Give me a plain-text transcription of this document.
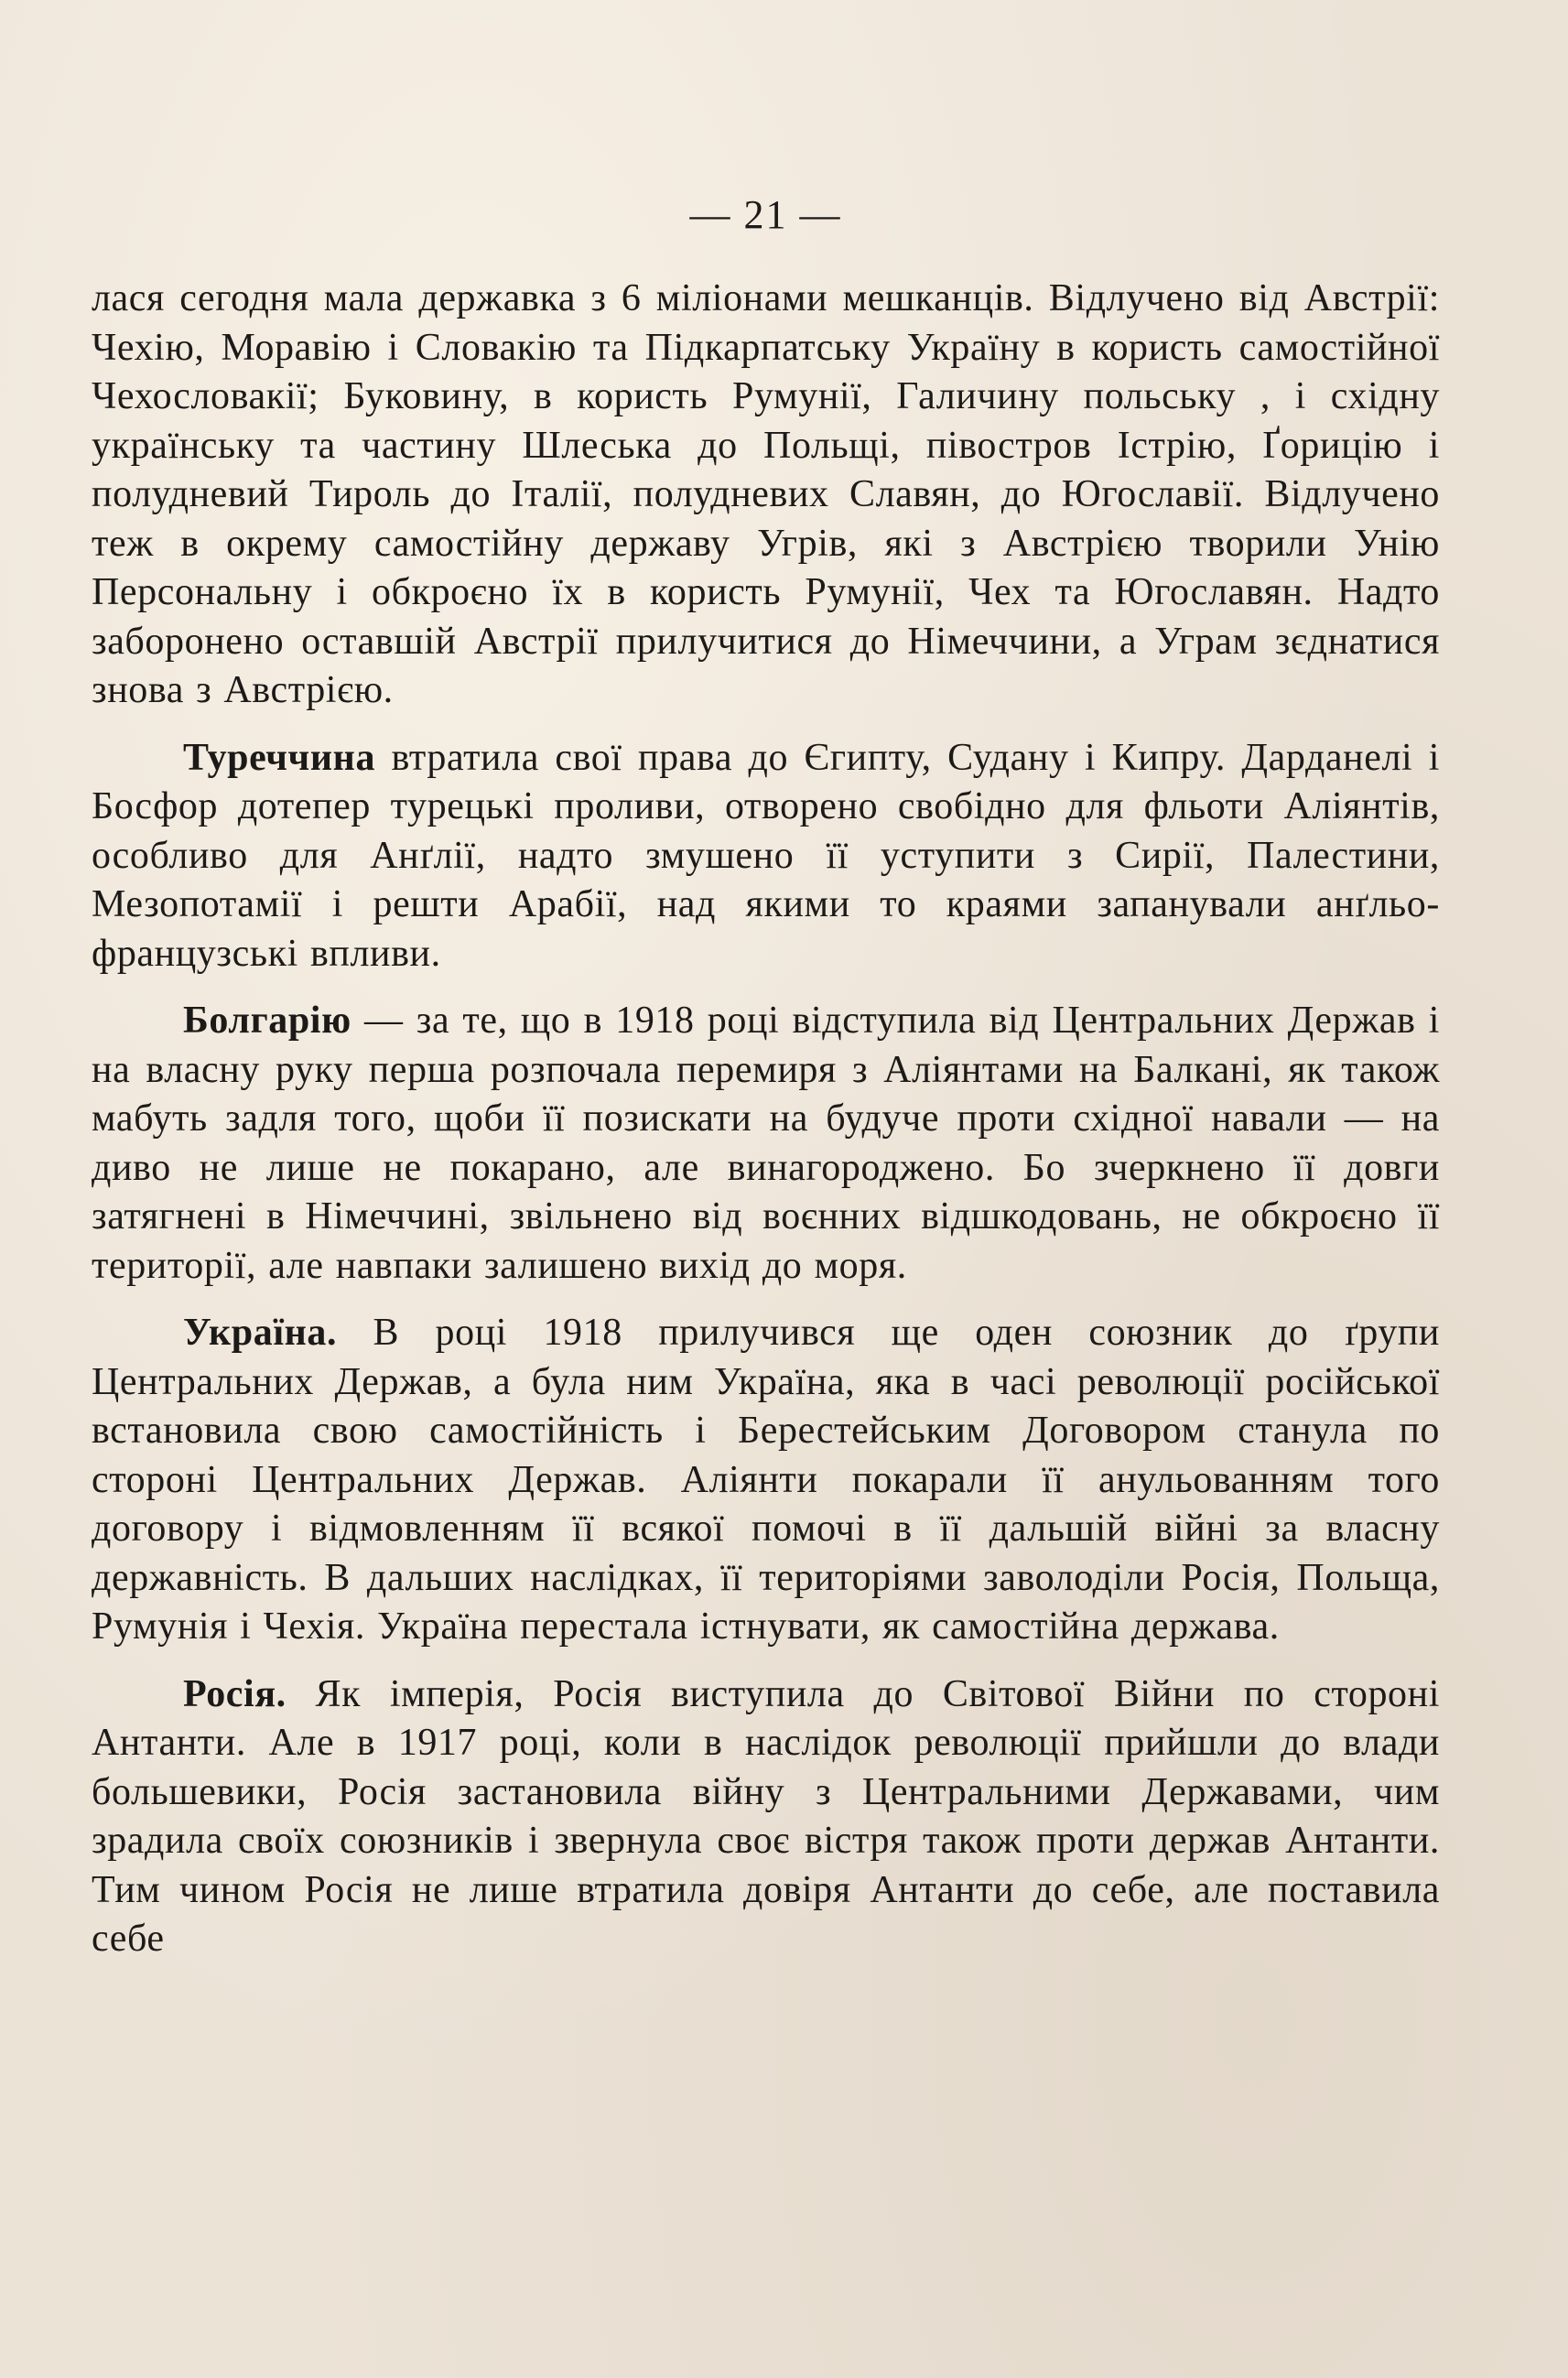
— 21 —

лася сегодня мала державка з 6 міліонами мешканців. Відлучено від Австрії: Чехію, Моравію і Словакію та Підкарпатську Україну в користь самостійної Чехословакії; Буковину, в користь Румунії, Галичину польську , і східну українську та частину Шлеська до Польщі, півостров Істрію, Ґорицію і полудневий Тироль до Італії, полудневих Славян, до Югославії. Відлучено теж в окрему самостійну державу Угрів, які з Австрією творили Унію Персональну і обкроєно їх в користь Румунії, Чех та Югославян. Надто заборонено оставшій Австрії прилучитися до Німеччини, а Уграм зєднатися знова з Австрією.

Туреччина втратила свої права до Єгипту, Судану і Кипру. Дарданелі і Босфор дотепер турецькі проливи, отворено свобідно для фльоти Аліянтів, особливо для Анґлії, надто змушено її уступити з Сирії, Палестини, Мезопотамії і решти Арабії, над якими то краями запанували анґльо-французські впливи.

Болгарію — за те, що в 1918 році відступила від Центральних Держав і на власну руку перша розпочала перемиря з Аліянтами на Балкані, як також мабуть задля того, щоби її позискати на будуче проти східної навали — на диво не лише не покарано, але винагороджено. Бо зчеркнено її довги затягнені в Німеччині, звільнено від воєнних відшкодовань, не обкроєно її території, але навпаки залишено вихід до моря.

Україна. В році 1918 прилучився ще оден союзник до ґрупи Центральних Держав, а була ним Україна, яка в часі революції російської встановила свою самостійність і Берестейським Договором станула по стороні Центральних Держав. Аліянти покарали її анульованням того договору і відмовленням її всякої помочі в її дальшій війні за власну державність. В дальших наслідках, її територіями заволоділи Росія, Польща, Румунія і Чехія. Україна перестала істнувати, як самостійна держава.

Росія. Як імперія, Росія виступила до Світової Війни по стороні Антанти. Але в 1917 році, коли в наслідок революції прийшли до влади большевики, Росія застановила війну з Центральними Державами, чим зрадила своїх союзників і звернула своє вістря також проти держав Антанти. Тим чином Росія не лише втратила довіря Антанти до себе, але поставила себе
